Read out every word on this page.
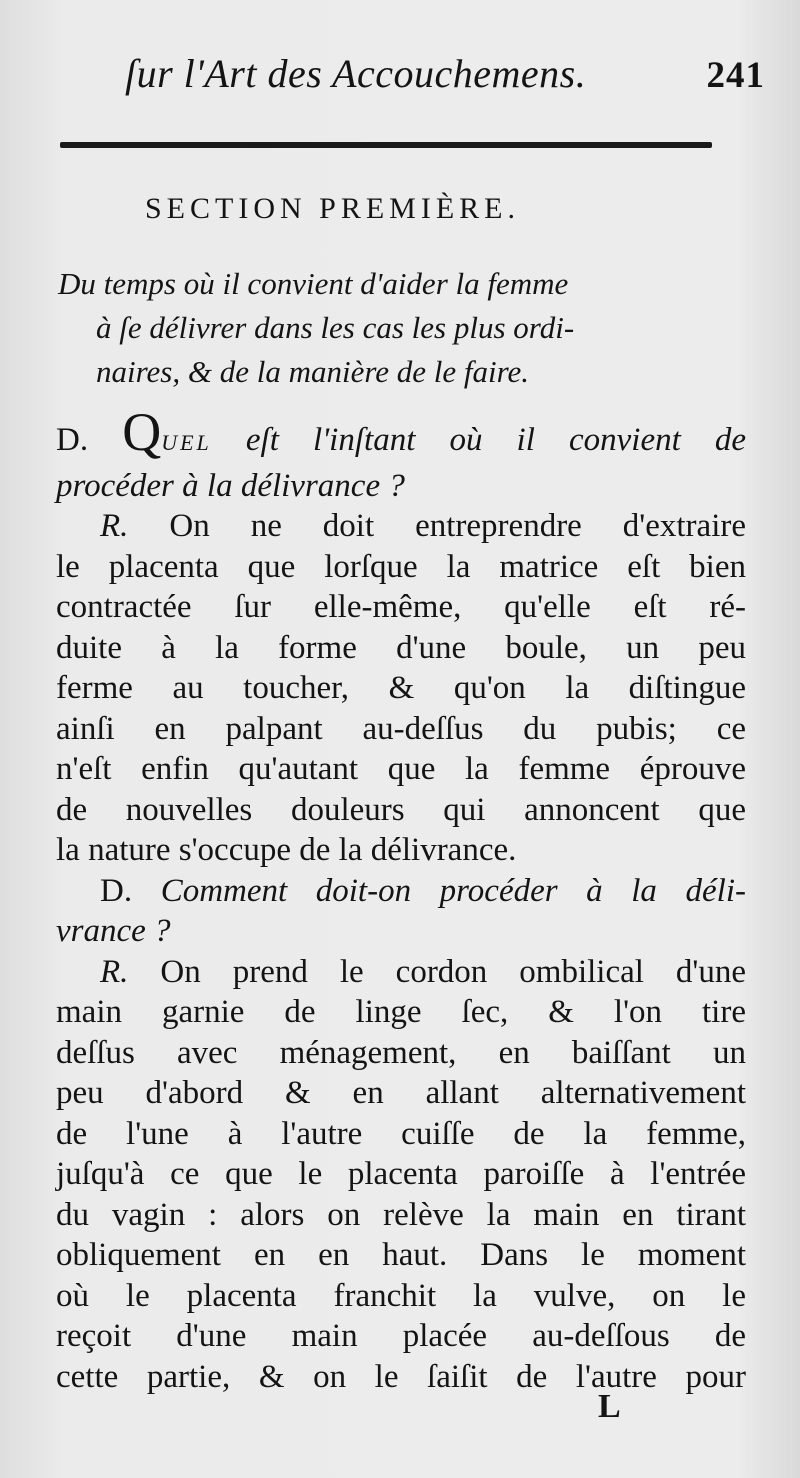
ſur l'Art des Accouchemens.	241
SECTION PREMIÈRE.
Du temps où il convient d'aider la femme
à ſe délivrer dans les cas les plus ordi-
naires, & de la manière de le faire.
D. QUEL eſt l'inſtant où il convient de
procéder à la délivrance ?
R. On ne doit entreprendre d'extraire
le placenta que lorſque la matrice eſt bien
contractée ſur elle-même, qu'elle eſt ré-
duite à la forme d'une boule, un peu
ferme au toucher, & qu'on la diſtingue
ainſi en palpant au-deſſus du pubis; ce
n'eſt enfin qu'autant que la femme éprouve
de nouvelles douleurs qui annoncent que
la nature s'occupe de la délivrance.
D. Comment doit-on procéder à la déli-
vrance ?
R. On prend le cordon ombilical d'une
main garnie de linge ſec, & l'on tire
deſſus avec ménagement, en baiſſant un
peu d'abord & en allant alternativement
de l'une à l'autre cuiſſe de la femme,
juſqu'à ce que le placenta paroiſſe à l'entrée
du vagin : alors on relève la main en tirant
obliquement en en haut. Dans le moment
où le placenta franchit la vulve, on le
reçoit d'une main placée au-deſſous de
cette partie, & on le ſaiſit de l'autre pour
L
